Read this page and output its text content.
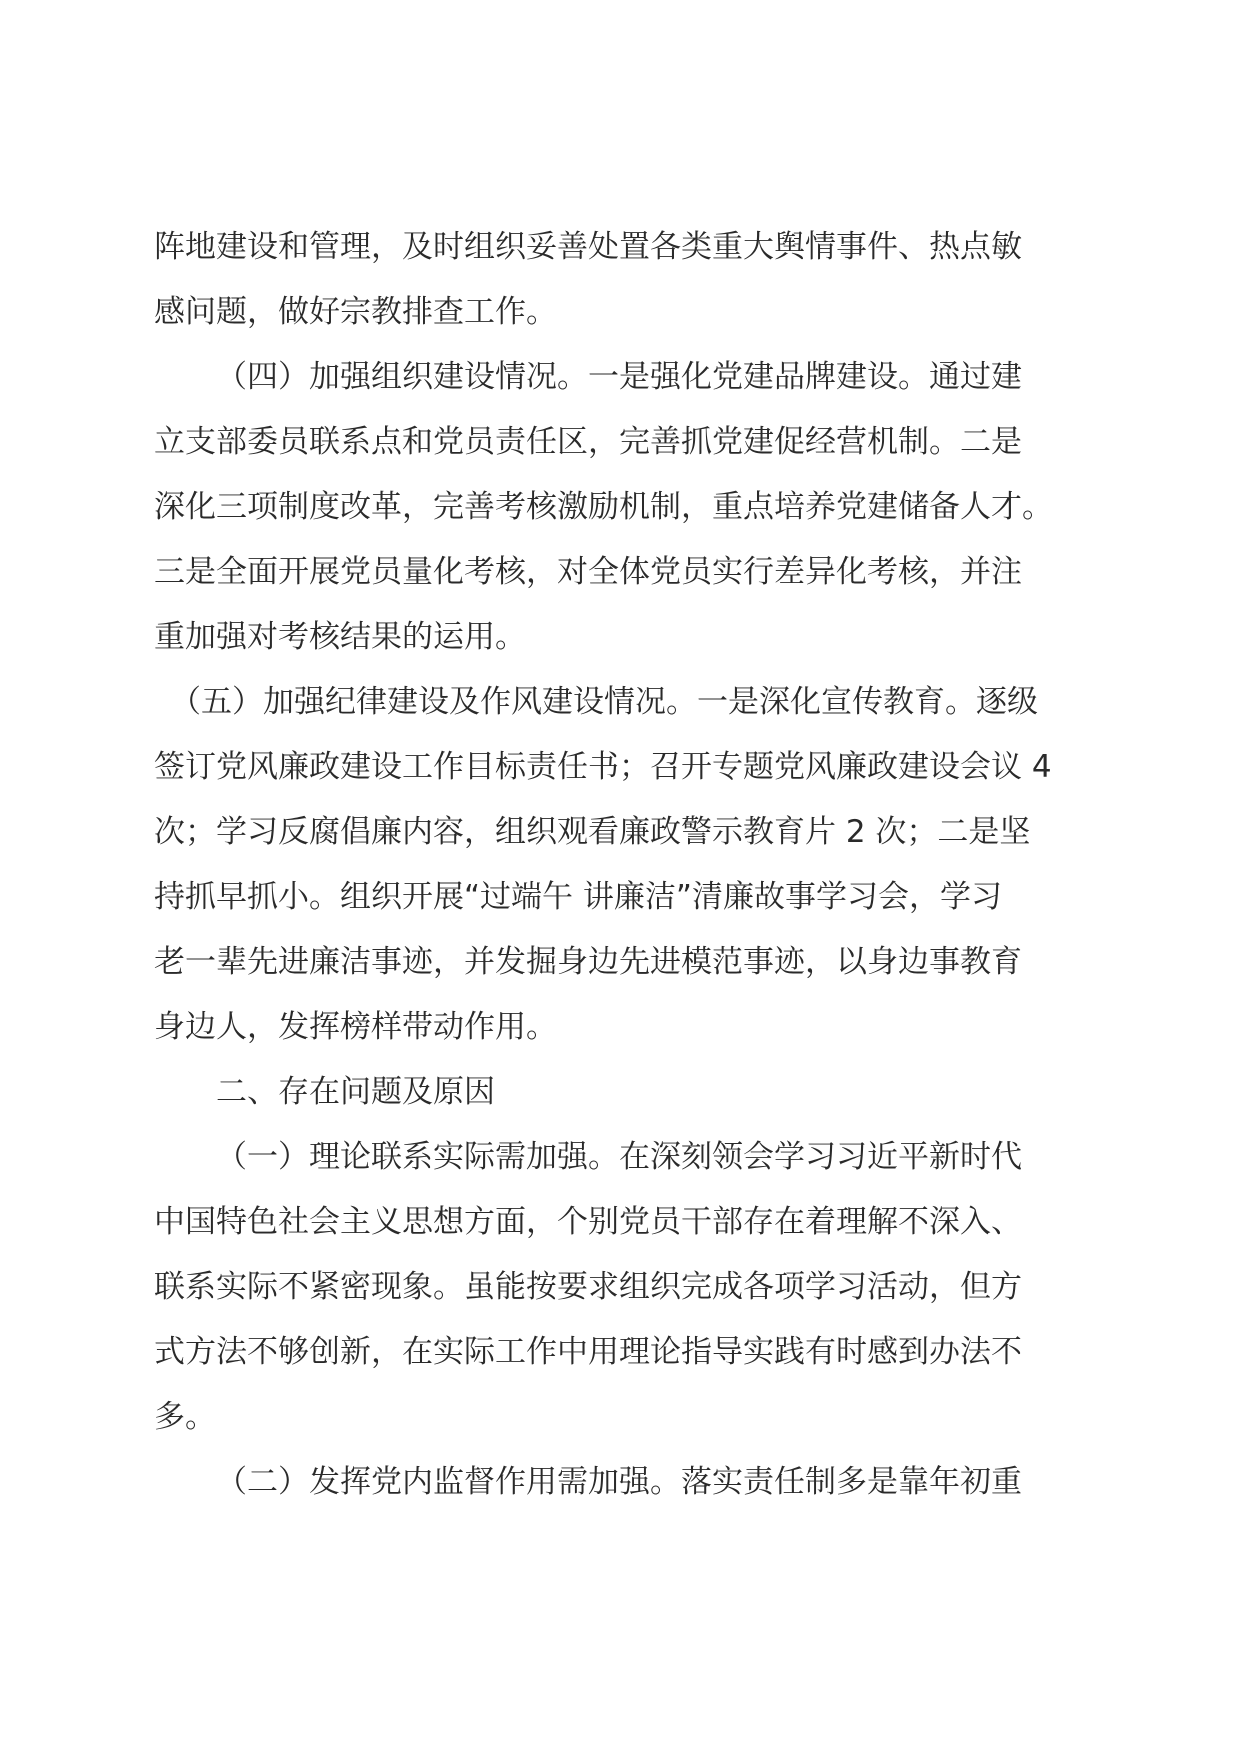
阵地建设和管理，及时组织妥善处置各类重大舆情事件、热点敏
感问题，做好宗教排查工作。
（四）加强组织建设情况。一是强化党建品牌建设。通过建
立支部委员联系点和党员责任区，完善抓党建促经营机制。二是
深化三项制度改革，完善考核激励机制，重点培养党建储备人才。
三是全面开展党员量化考核，对全体党员实行差异化考核，并注
重加强对考核结果的运用。
（五）加强纪律建设及作风建设情况。一是深化宣传教育。逐级
签订党风廉政建设工作目标责任书；召开专题党风廉政建设会议 4
次；学习反腐倡廉内容，组织观看廉政警示教育片 2 次；二是坚
持抓早抓小。组织开展“过端午 讲廉洁”清廉故事学习会，学习
老一辈先进廉洁事迹，并发掘身边先进模范事迹，以身边事教育
身边人，发挥榜样带动作用。
二、存在问题及原因
（一）理论联系实际需加强。在深刻领会学习习近平新时代
中国特色社会主义思想方面，个别党员干部存在着理解不深入、
联系实际不紧密现象。虽能按要求组织完成各项学习活动，但方
式方法不够创新，在实际工作中用理论指导实践有时感到办法不
多。
（二）发挥党内监督作用需加强。落实责任制多是靠年初重
